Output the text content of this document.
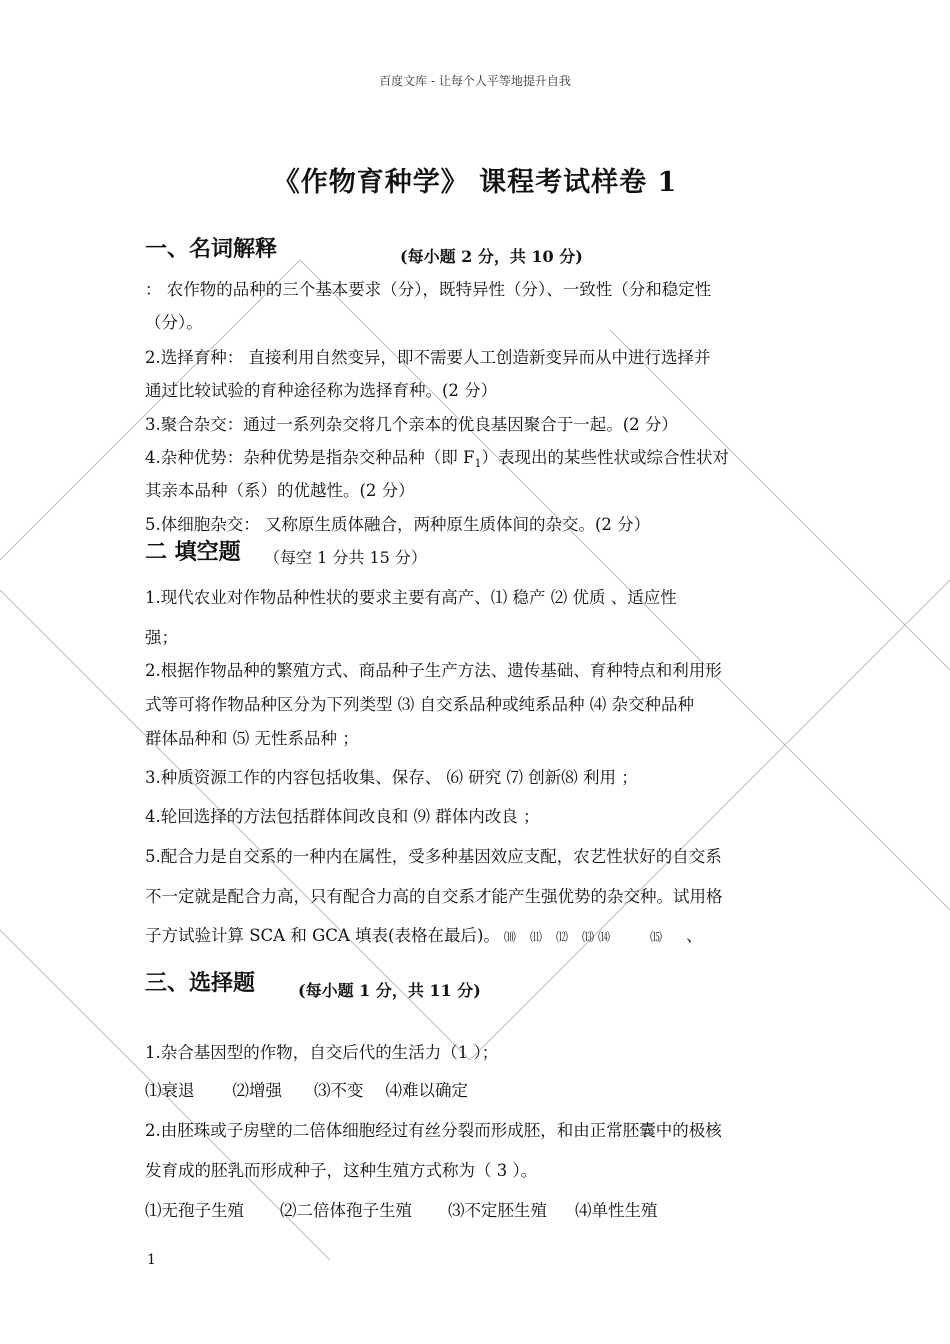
百度文库 - 让每个人平等地提升自我
《作物育种学》 课程考试样卷 1
一、名词解释	(每小题 2 分，共 10 分)
： 农作物的品种的三个基本要求（分），既特异性（分）、一致性（分和稳定性
（分）。
2.选择育种： 直接利用自然变异，即不需要人工创造新变异而从中进行选择并
通过比较试验的育种途径称为选择育种。(2 分）
3.聚合杂交：通过一系列杂交将几个亲本的优良基因聚合于一起。(2 分）
4.杂种优势：杂种优势是指杂交种品种（即 $F_1$）表现出的某些性状或综合性状对
其亲本品种（系）的优越性。(2 分）
5.体细胞杂交： 又称原生质体融合，两种原生质体间的杂交。(2 分）
二 填空题 （每空 1 分共 15 分）
1.现代农业对作物品种性状的要求主要有高产、⑴ 稳产 ⑵ 优质 、适应性
强；
2.根据作物品种的繁殖方式、商品种子生产方法、遗传基础、育种特点和利用形
式等可将作物品种区分为下列类型 ⑶ 自交系品种或纯系品种 ⑷ 杂交种品种
群体品种和 ⑸ 无性系品种 ；
3.种质资源工作的内容包括收集、保存、 ⑹ 研究 ⑺ 创新⑻ 利用 ；
4.轮回选择的方法包括群体间改良和 ⑼ 群体内改良 ；
5.配合力是自交系的一种内在属性，受多种基因效应支配，农艺性状好的自交系
不一定就是配合力高，只有配合力高的自交系才能产生强优势的杂交种。试用格
子方试验计算 SCA 和 GCA 填表(表格在最后)。 ⑽ ⑾ ⑿ ⒀ ⒁	⒂ 、
三、选择题	(每小题 1 分，共 11 分)
1.杂合基因型的作物，自交后代的生活力（1 ）；
⑴衰退 ⑵增强 ⑶不变 ⑷难以确定
2.由胚珠或子房壁的二倍体细胞经过有丝分裂而形成胚，和由正常胚囊中的极核
发育成的胚乳而形成种子，这种生殖方式称为（ 3 ）。
⑴无孢子生殖 ⑵二倍体孢子生殖 ⑶不定胚生殖 ⑷单性生殖
1
